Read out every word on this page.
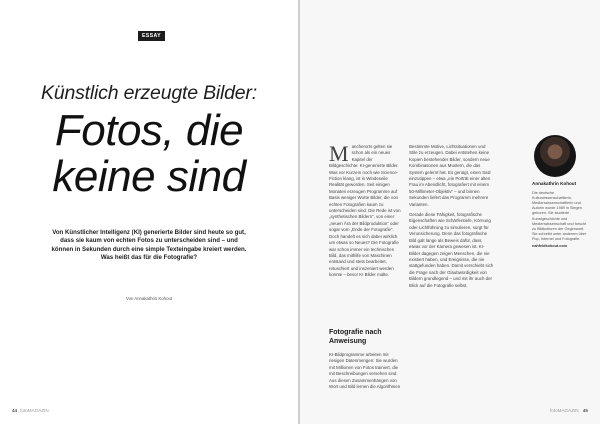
ESSAY
Künstlich erzeugte Bilder:
Fotos, die
keine sind
Von Künstlicher Intelligenz (KI) generierte Bilder sind heute so gut, dass sie kaum von echten Fotos zu unterscheiden sind – und können in Sekunden durch eine simple Texteingabe kreiert werden. Was heißt das für die Fotografie?
Von Annakathrin Kohout
44 fotoMAGAZIN

Mancherorts gelten sie schon als ein neues Kapitel der Bildgeschichte: KI-generierte Bilder. Was vor Kurzem noch wie Science-Fiction klang, ist in Windeseile Realität geworden. Seit einigen Monaten erzeugen Programme auf Basis weniger Worte Bilder, die von echten Fotografien kaum zu unterscheiden sind. Die Rede ist von „synthetischen Bildern“, von einer „neuen Ära der Bildproduktion“ oder sogar vom „Ende der Fotografie“.

Doch handelt es sich dabei wirklich um etwas so Neues? Die Fotografie war schon immer ein technisches Bild, das mithilfe von Maschinen entstand und stets bearbeitet, retuschiert und inszeniert werden konnte – bevor KI Bilder malte.

Fotografie nach Anweisung

KI-Bildprogramme arbeiten mit riesigen Datenmengen: Sie wurden mit Millionen von Fotos trainiert, die mit Beschreibungen versehen sind. Aus diesen Zusammenhängen von Wort und Bild lernen die Algorithmen

Bestimmte Motive, Lichtsituationen und Stile zu erzeugen. Dabei entstehen keine Kopien bestehender Bilder, sondern neue Kombinationen aus Mustern, die das System gelernt hat. Es genügt, einen Satz einzutippen – etwa „ein Porträt einer alten Frau im Abendlicht, fotografiert mit einem 50-Millimeter-Objektiv“ – und binnen Sekunden liefert das Programm mehrere Varianten.

Gerade diese Fähigkeit, fotografische Eigenschaften wie Schärfentiefe, Körnung oder Lichtführung zu simulieren, sorgt für Verunsicherung. Denn das fotografische Bild galt lange als Beweis dafür, dass etwas vor der Kamera gewesen ist. KI-Bilder dagegen zeigen Menschen, die nie existiert haben, und Ereignisse, die nie stattgefunden haben. Damit verschiebt sich die Frage nach der Glaubwürdigkeit von Bildern grundlegend – und mit ihr auch der Blick auf die Fotografie selbst.

Annakathrin Kohout
Die deutsche Kulturwissenschaftlerin, Medienwissenschaftlerin und Autorin wurde 1989 in Siegen geboren. Sie studierte Kunstgeschichte und Medienwissenschaft und forscht zu Bildkulturen der Gegenwart. Sie schreibt unter anderem über Pop, Internet und Fotografie.
nahfeldkohout.com
fotoMAGAZIN 45
